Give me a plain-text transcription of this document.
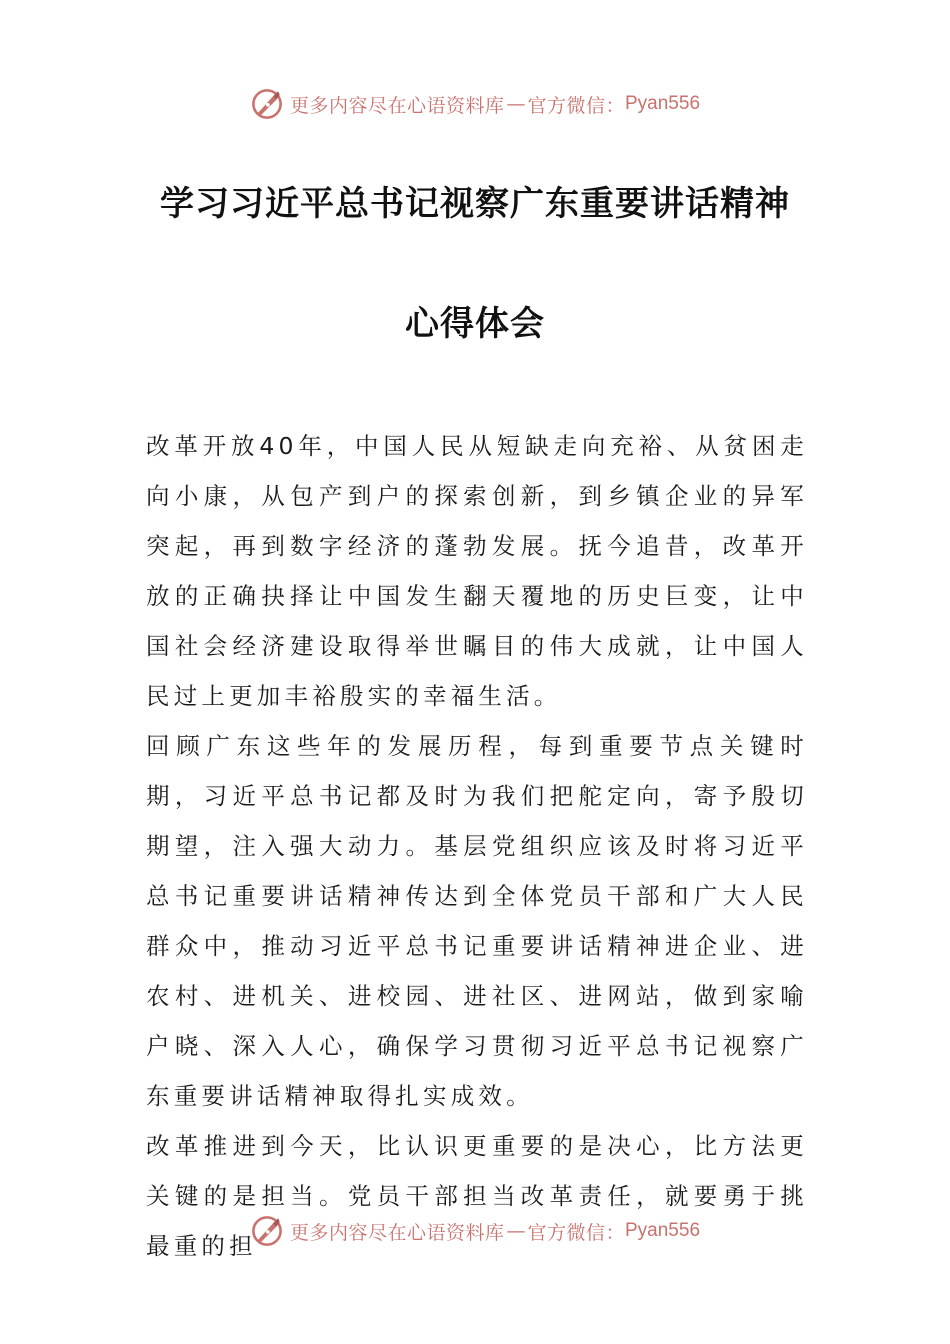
更多内容尽在心语资料库 — 官方微信： Pyan556
学习习近平总书记视察广东重要讲话精神
心得体会

改革开放40年，中国人民从短缺走向充裕、从贫困走向小康，从包产到户的探索创新，到乡镇企业的异军突起，再到数字经济的蓬勃发展。抚今追昔，改革开放的正确抉择让中国发生翻天覆地的历史巨变，让中国社会经济建设取得举世瞩目的伟大成就，让中国人民过上更加丰裕殷实的幸福生活。

回顾广东这些年的发展历程，每到重要节点关键时期，习近平总书记都及时为我们把舵定向，寄予殷切期望，注入强大动力。基层党组织应该及时将习近平总书记重要讲话精神传达到全体党员干部和广大人民群众中，推动习近平总书记重要讲话精神进企业、进农村、进机关、进校园、进社区、进网站，做到家喻户晓、深入人心，确保学习贯彻习近平总书记视察广东重要讲话精神取得扎实成效。

改革推进到今天，比认识更重要的是决心，比方法更关键的是担当。党员干部担当改革责任，就要勇于挑最重的担	更多内容尽在心语资料库 — 官方微信： Pyan556
